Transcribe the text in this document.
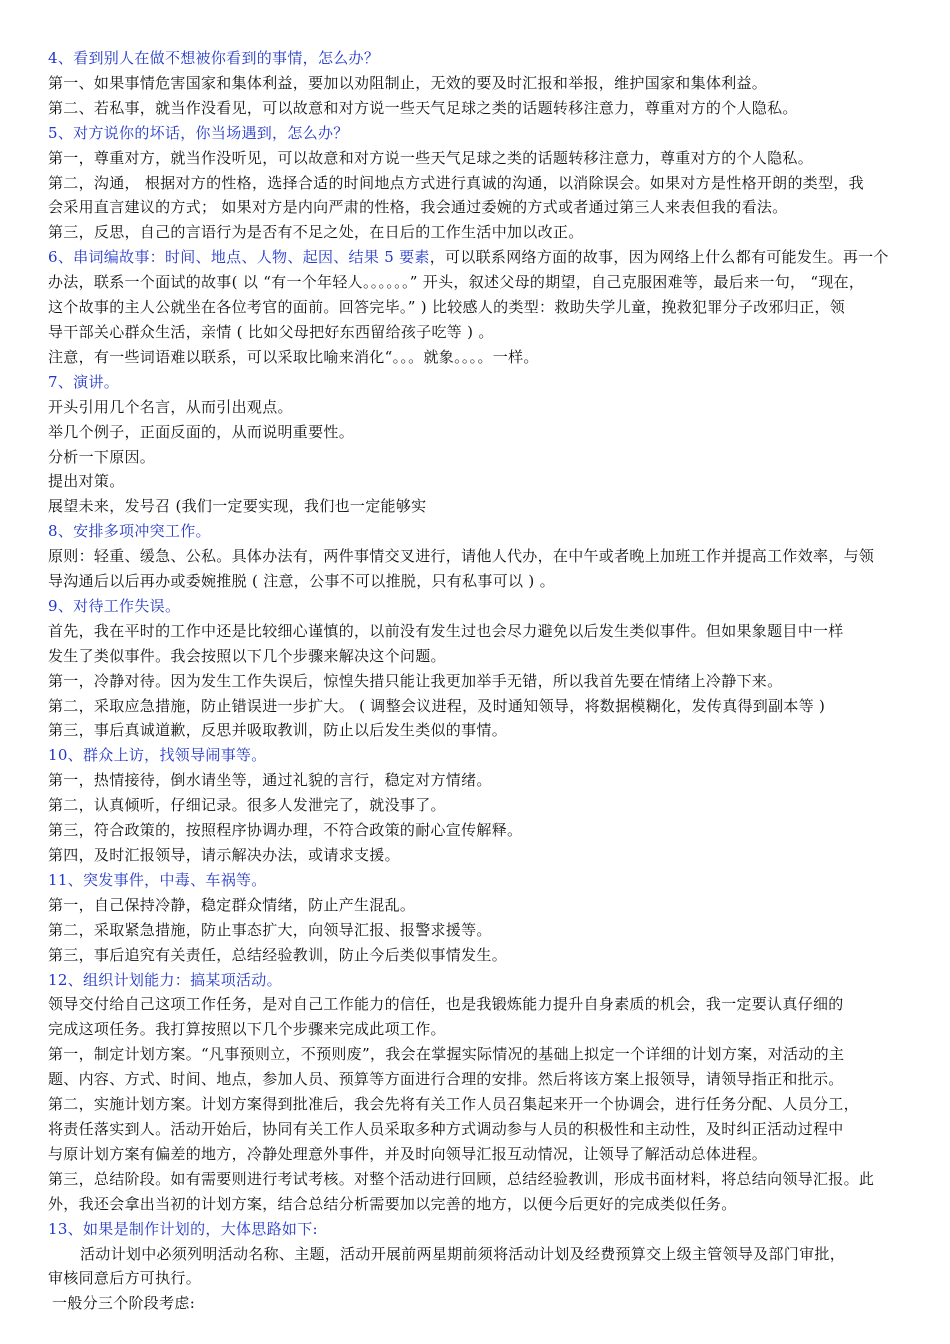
4、看到别人在做不想被你看到的事情，怎么办？
第一、如果事情危害国家和集体利益，要加以劝阻制止，无效的要及时汇报和举报，维护国家和集体利益。
第二、若私事，就当作没看见，可以故意和对方说一些天气足球之类的话题转移注意力，尊重对方的个人隐私。
5、对方说你的坏话，你当场遇到，怎么办？
第一，尊重对方，就当作没听见，可以故意和对方说一些天气足球之类的话题转移注意力，尊重对方的个人隐私。
第二，沟通， 根据对方的性格，选择合适的时间地点方式进行真诚的沟通，以消除误会。如果对方是性格开朗的类型，我
会采用直言建议的方式； 如果对方是内向严肃的性格，我会通过委婉的方式或者通过第三人来表但我的看法。
第三，反思，自己的言语行为是否有不足之处，在日后的工作生活中加以改正。
6、串词编故事：时间、地点、人物、起因、结果 5 要素，可以联系网络方面的故事，因为网络上什么都有可能发生。再一个
办法，联系一个面试的故事( 以 “有一个年轻人。。。。。。” 开头，叙述父母的期望，自己克服困难等，最后来一句， “现在，
这个故事的主人公就坐在各位考官的面前。回答完毕。” ) 比较感人的类型：救助失学儿童，挽救犯罪分子改邪归正，领
导干部关心群众生活，亲情 ( 比如父母把好东西留给孩子吃等 ) 。
注意，有一些词语难以联系，可以采取比喻来消化“。。。就象。。。。一样。
7、演讲。
开头引用几个名言，从而引出观点。
举几个例子，正面反面的，从而说明重要性。
分析一下原因。
提出对策。
展望未来，发号召 (我们一定要实现，我们也一定能够实
8、安排多项冲突工作。
原则：轻重、缓急、公私。具体办法有，两件事情交叉进行，请他人代办，在中午或者晚上加班工作并提高工作效率，与领
导沟通后以后再办或委婉推脱 ( 注意，公事不可以推脱，只有私事可以 ) 。
9、对待工作失误。
首先，我在平时的工作中还是比较细心谨慎的，以前没有发生过也会尽力避免以后发生类似事件。但如果象题目中一样
发生了类似事件。我会按照以下几个步骤来解决这个问题。
第一，冷静对待。因为发生工作失误后，惊惶失措只能让我更加举手无错，所以我首先要在情绪上冷静下来。
第二，采取应急措施，防止错误进一步扩大。 ( 调整会议进程，及时通知领导，将数据模糊化，发传真得到副本等 )
第三，事后真诚道歉，反思并吸取教训，防止以后发生类似的事情。
10、群众上访，找领导闹事等。
第一，热情接待，倒水请坐等，通过礼貌的言行，稳定对方情绪。
第二，认真倾听，仔细记录。很多人发泄完了，就没事了。
第三，符合政策的，按照程序协调办理，不符合政策的耐心宣传解释。
第四，及时汇报领导，请示解决办法，或请求支援。
11、突发事件，中毒、车祸等。
第一，自己保持冷静，稳定群众情绪，防止产生混乱。
第二，采取紧急措施，防止事态扩大，向领导汇报、报警求援等。
第三，事后追究有关责任，总结经验教训，防止今后类似事情发生。
12、组织计划能力：搞某项活动。
领导交付给自己这项工作任务，是对自己工作能力的信任，也是我锻炼能力提升自身素质的机会，我一定要认真仔细的
完成这项任务。我打算按照以下几个步骤来完成此项工作。
第一，制定计划方案。“凡事预则立，不预则废”，我会在掌握实际情况的基础上拟定一个详细的计划方案，对活动的主
题、内容、方式、时间、地点，参加人员、预算等方面进行合理的安排。然后将该方案上报领导，请领导指正和批示。
第二，实施计划方案。计划方案得到批准后，我会先将有关工作人员召集起来开一个协调会，进行任务分配、人员分工，
将责任落实到人。活动开始后，协同有关工作人员采取多种方式调动参与人员的积极性和主动性，及时纠正活动过程中
与原计划方案有偏差的地方，冷静处理意外事件，并及时向领导汇报互动情况，让领导了解活动总体进程。
第三，总结阶段。如有需要则进行考试考核。对整个活动进行回顾，总结经验教训，形成书面材料，将总结向领导汇报。此
外，我还会拿出当初的计划方案，结合总结分析需要加以完善的地方，以便今后更好的完成类似任务。
13、如果是制作计划的，大体思路如下:
活动计划中必须列明活动名称、主题，活动开展前两星期前须将活动计划及经费预算交上级主管领导及部门审批，
审核同意后方可执行。
一般分三个阶段考虑:
